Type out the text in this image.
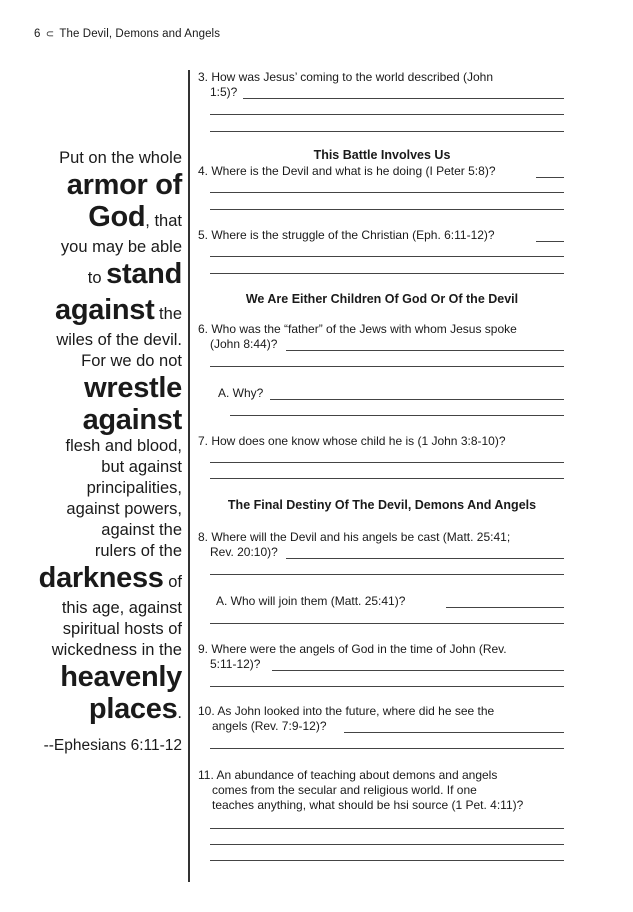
6 ⊂ The Devil, Demons and Angels
Put on the whole
armor of
God, that
you may be able
to stand
against the
wiles of the devil.
For we do not
wrestle
against
flesh and blood,
but against
principalities,
against powers,
against the
rulers of the
darkness of
this age, against
spiritual hosts of
wickedness in the
heavenly
places.
--Ephesians 6:11-12
3. How was Jesus’ coming to the world described (John
1:5)?
This Battle Involves Us
4. Where is the Devil and what is he doing (I Peter 5:8)?
5. Where is the struggle of the Christian (Eph. 6:11-12)?
We Are Either Children Of God Or Of the Devil
6. Who was the “father” of the Jews with whom Jesus spoke
(John 8:44)?
A. Why?
7. How does one know whose child he is (1 John 3:8-10)?
The Final Destiny Of The Devil, Demons And Angels
8. Where will the Devil and his angels be cast (Matt. 25:41;
Rev. 20:10)?
A. Who will join them (Matt. 25:41)?
9. Where were the angels of God in the time of John (Rev.
5:11-12)?
10. As John looked into the future, where did he see the
angels (Rev. 7:9-12)?
11. An abundance of teaching about demons and angels
comes from the secular and religious world. If one
teaches anything, what should be hsi source (1 Pet. 4:11)?
